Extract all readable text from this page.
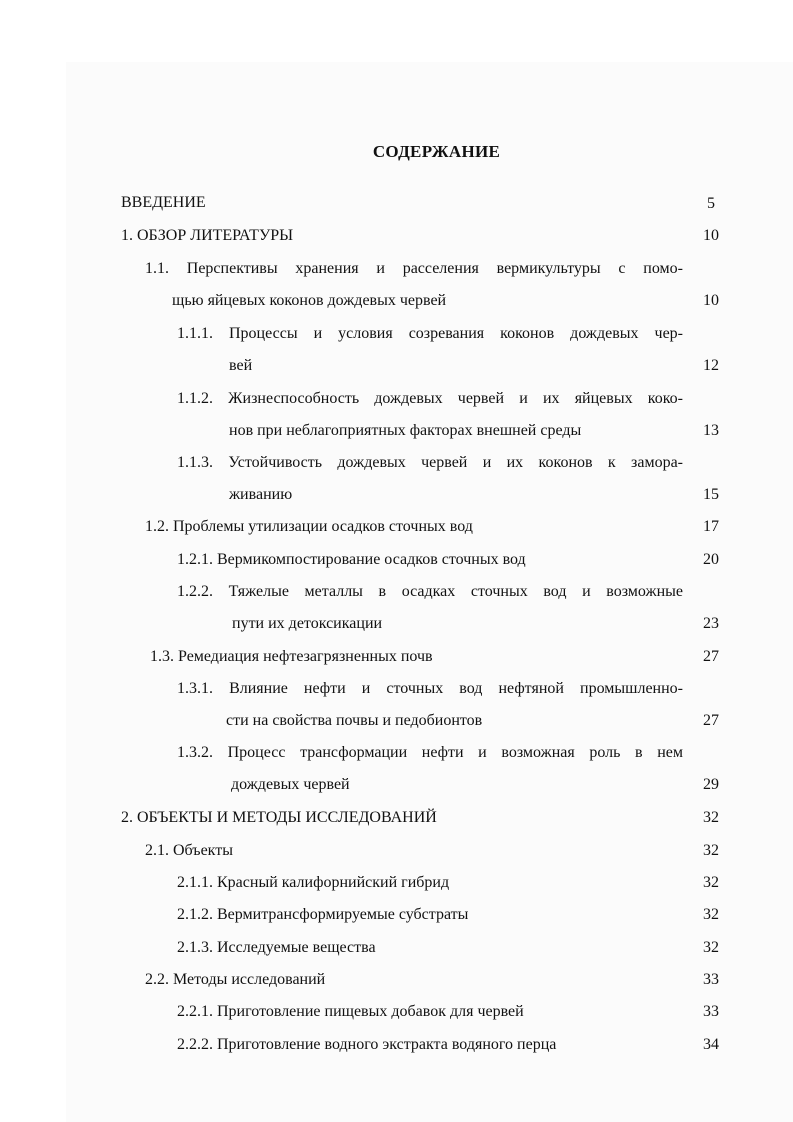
СОДЕРЖАНИЕ
ВВЕДЕНИЕ	5
1. ОБЗОР ЛИТЕРАТУРЫ	10
1.1. Перспективы хранения и расселения вермикультуры с помо-
щью яйцевых коконов дождевых червей	10
1.1.1. Процессы и условия созревания коконов дождевых чер-
вей	12
1.1.2. Жизнеспособность дождевых червей и их яйцевых коко-
нов при неблагоприятных факторах внешней среды	13
1.1.3. Устойчивость дождевых червей и их коконов к замора-
живанию	15
1.2. Проблемы утилизации осадков сточных вод	17
1.2.1. Вермикомпостирование осадков сточных вод	20
1.2.2. Тяжелые металлы в осадках сточных вод и возможные
пути их детоксикации	23
1.3. Ремедиация нефтезагрязненных почв	27
1.3.1. Влияние нефти и сточных вод нефтяной промышленно-
сти на свойства почвы и педобионтов	27
1.3.2. Процесс трансформации нефти и возможная роль в нем
дождевых червей	29
2. ОБЪЕКТЫ И МЕТОДЫ ИССЛЕДОВАНИЙ	32
2.1. Объекты	32
2.1.1. Красный калифорнийский гибрид	32
2.1.2. Вермитрансформируемые субстраты	32
2.1.3. Исследуемые вещества	32
2.2. Методы исследований	33
2.2.1. Приготовление пищевых добавок для червей	33
2.2.2. Приготовление водного экстракта водяного перца	34
